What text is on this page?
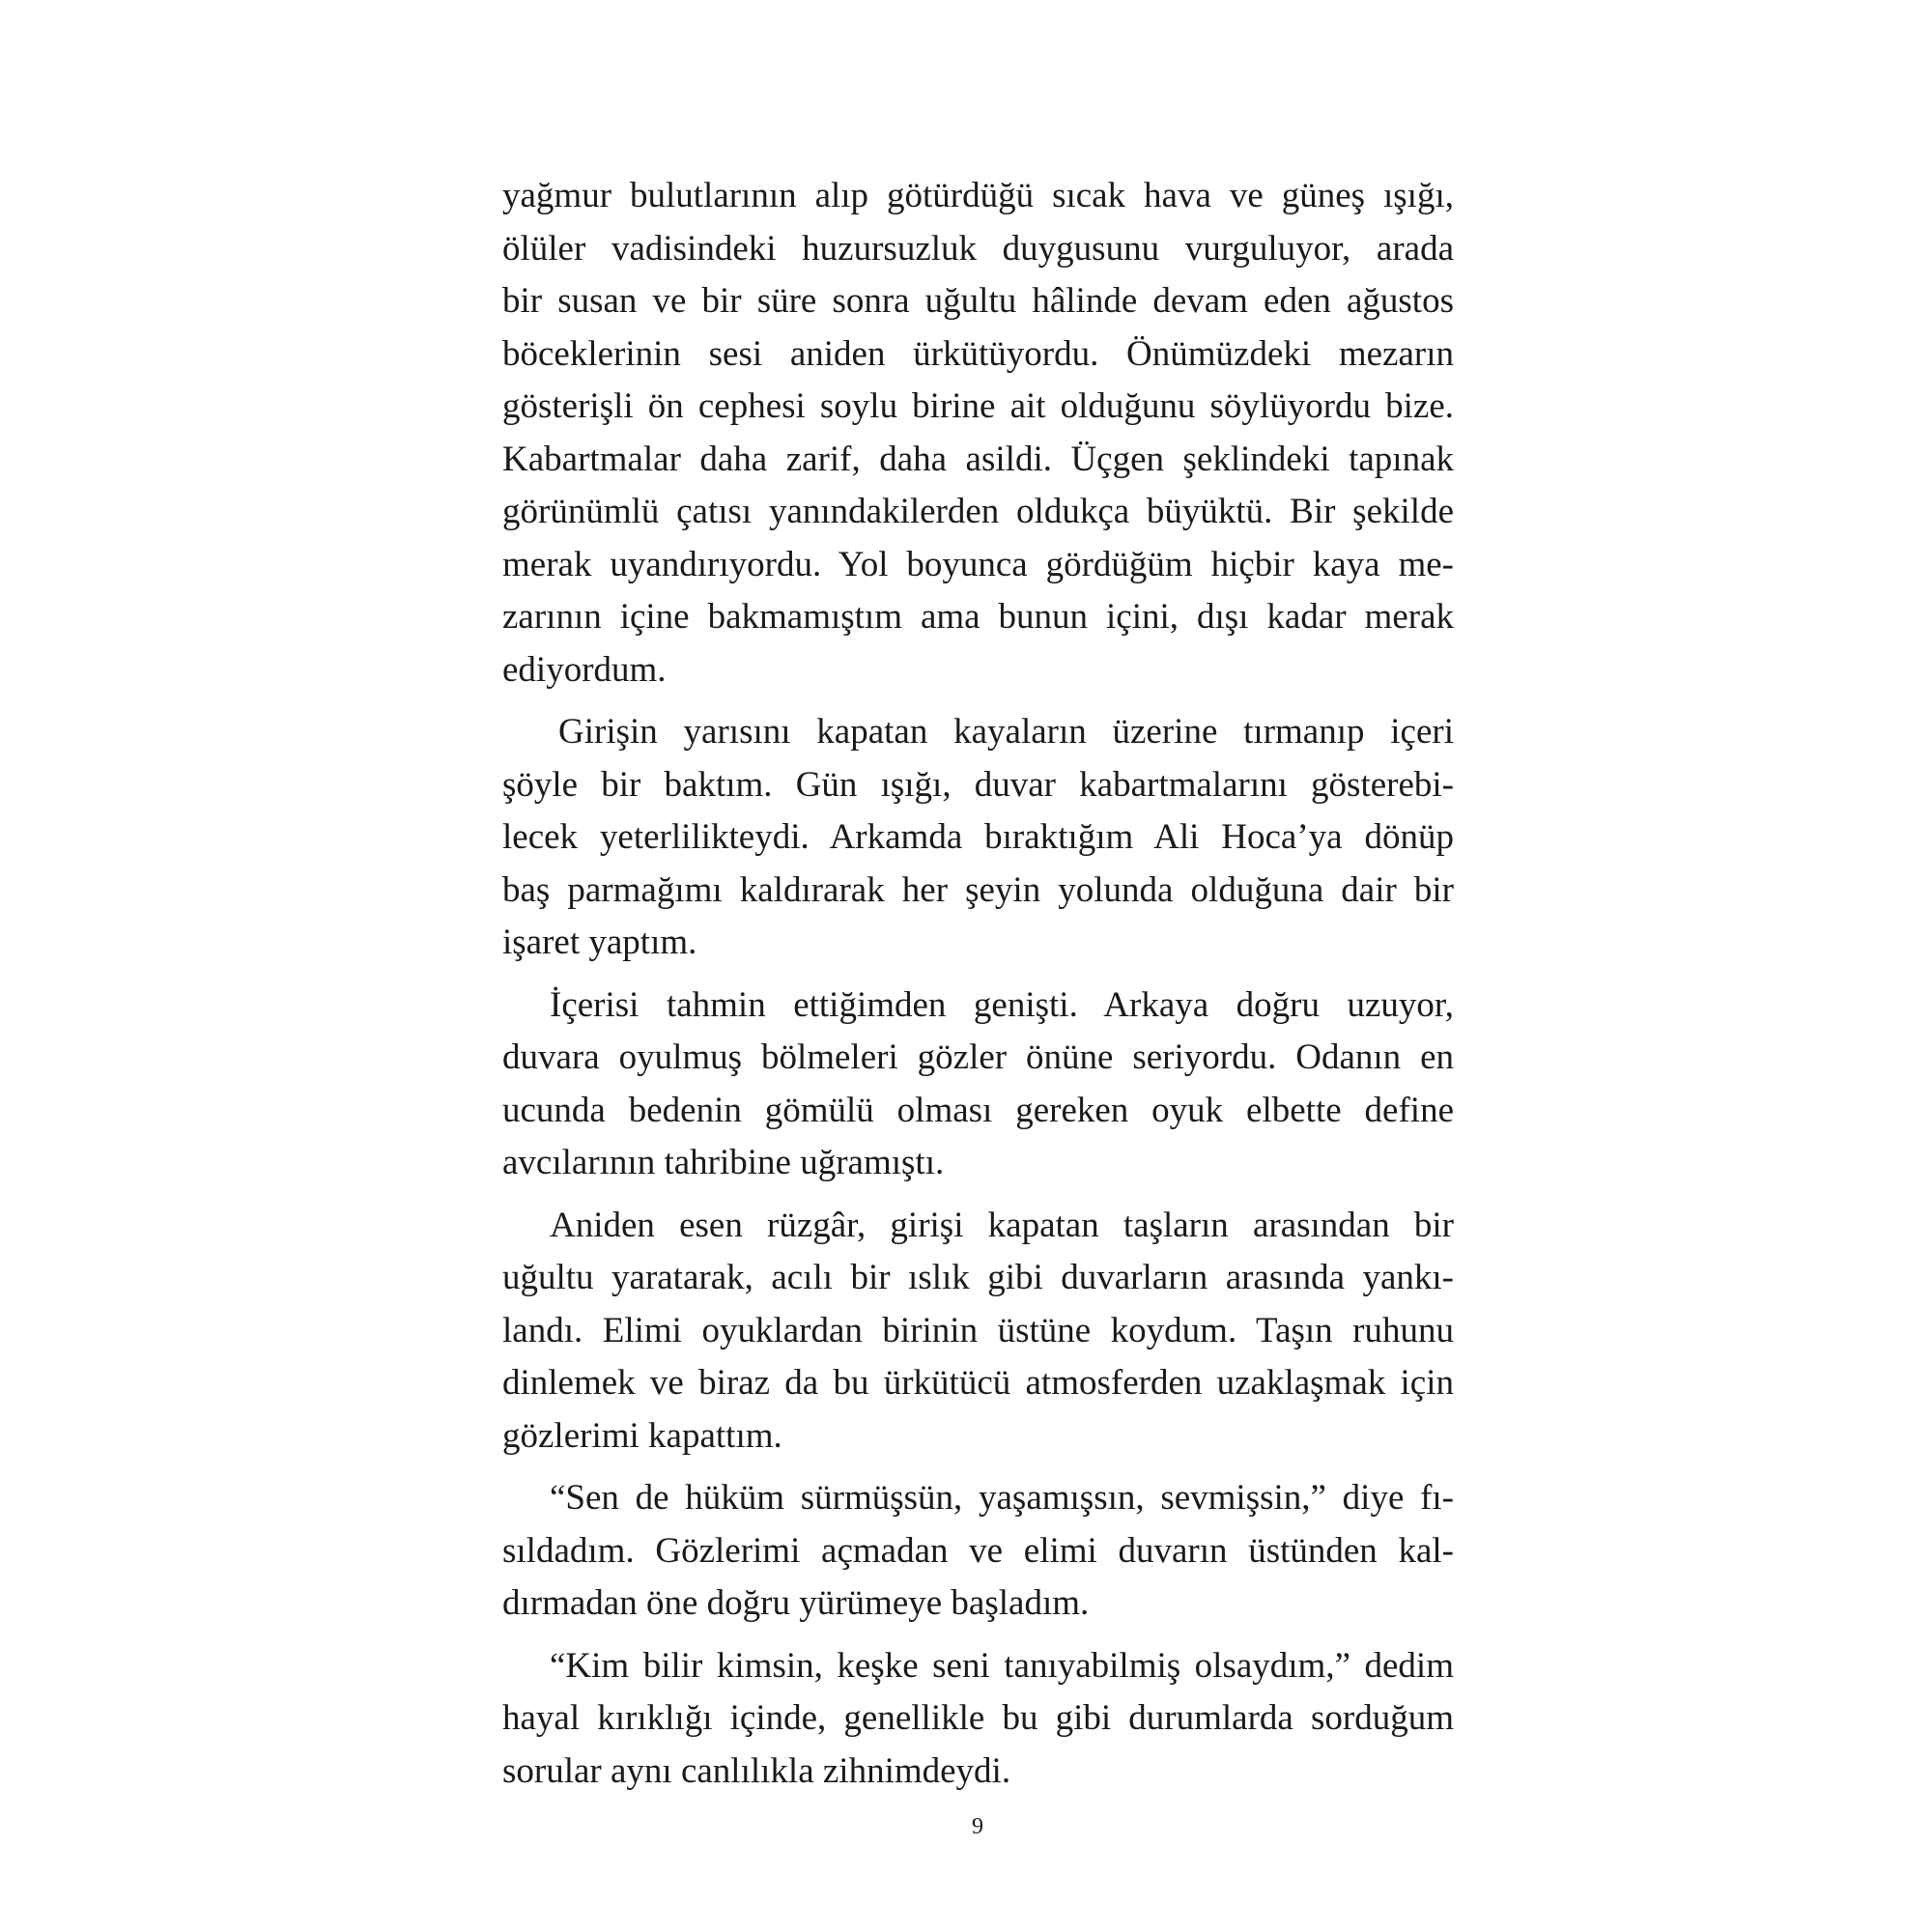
yağmur bulutlarının alıp götürdüğü sıcak hava ve güneş ışığı,
ölüler vadisindeki huzursuzluk duygusunu vurguluyor, arada
bir susan ve bir süre sonra uğultu hâlinde devam eden ağustos
böceklerinin sesi aniden ürkütüyordu. Önümüzdeki mezarın
gösterişli ön cephesi soylu birine ait olduğunu söylüyordu bize.
Kabartmalar daha zarif, daha asildi. Üçgen şeklindeki tapınak
görünümlü çatısı yanındakilerden oldukça büyüktü. Bir şekilde
merak uyandırıyordu. Yol boyunca gördüğüm hiçbir kaya me-
zarının içine bakmamıştım ama bunun içini, dışı kadar merak
ediyordum.
Girişin yarısını kapatan kayaların üzerine tırmanıp içeri
şöyle bir baktım. Gün ışığı, duvar kabartmalarını gösterebi-
lecek yeterlilikteydi. Arkamda bıraktığım Ali Hoca’ya dönüp
baş parmağımı kaldırarak her şeyin yolunda olduğuna dair bir
işaret yaptım.
İçerisi tahmin ettiğimden genişti. Arkaya doğru uzuyor,
duvara oyulmuş bölmeleri gözler önüne seriyordu. Odanın en
ucunda bedenin gömülü olması gereken oyuk elbette define
avcılarının tahribine uğramıştı.
Aniden esen rüzgâr, girişi kapatan taşların arasından bir
uğultu yaratarak, acılı bir ıslık gibi duvarların arasında yankı-
landı. Elimi oyuklardan birinin üstüne koydum. Taşın ruhunu
dinlemek ve biraz da bu ürkütücü atmosferden uzaklaşmak için
gözlerimi kapattım.
“Sen de hüküm sürmüşsün, yaşamışsın, sevmişsin,” diye fı-
sıldadım. Gözlerimi açmadan ve elimi duvarın üstünden kal-
dırmadan öne doğru yürümeye başladım.
“Kim bilir kimsin, keşke seni tanıyabilmiş olsaydım,” dedim
hayal kırıklığı içinde, genellikle bu gibi durumlarda sorduğum
sorular aynı canlılıkla zihnimdeydi.
9
